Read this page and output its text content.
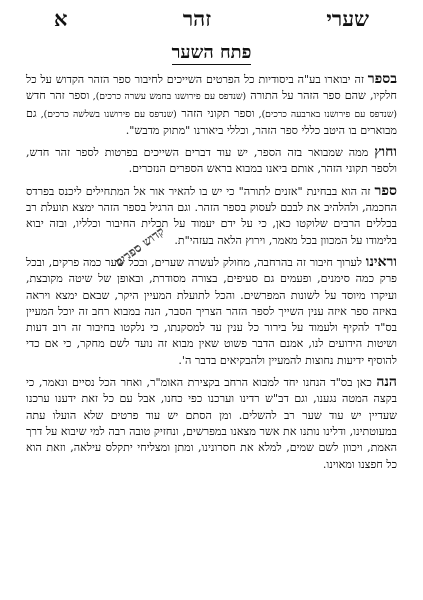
שערי
זהר
א
פתח השער

בספר זה יבוארו בע"ה ביסודיות כל הפרטים השייכים לחיבור ספר הזהר הקדוש על כל חלקיו, שהם ספר הזהר על התורה (שנדפס עם פירושנו בחמש עשרה כרכים), וספר זהר חדש (שנדפס עם פירושנו בארבעה כרכים), וספר תקוני הזהר (שנדפס עם פירושנו בשלשה כרכים), גם מבוארים בו היטב כללי ספר הזהר, וכללי ביאורנו "מתוק מדבש".

וחוץ ממה שמבואר בזה הספר, יש עוד דברים השייכים בפרטות לספר זהר חדש, ולספר תקוני הזהר, אותם ביאנו במבוא בראש הספרים הנזכרים.

ספר זה הוא בבחינת "אזנים לתורה" כי יש בו להאיר אור אל המתחילים ליכנס בפרדס החכמה, ולהלהיב את לבבם לעסוק בספר הזהר. וגם הרגיל בספר הזהר ימצא תועלת רב בכללים הרבים שלוקטו כאן, כי על ידם יעמוד על תכלית החיבור וכלליו, ובזה יבוא בלימודו על המכוון בכל מאמר, וירוץ הלאה בעזהי"ת.

וראינו לערוך חיבור זה בהרחבה, מחולק לעשרה שערים, ובכל שער כמה פרקים, ובכל פרק כמה סימנים, ופעמים גם סעיפים, בצורה מסודרת, ובאופן של שיטה מקובצת, ועיקרו מיוסד על לשונות המפרשים. והכל לתועלת המעיין היקר, שבאם ימצא ויראה באיזה ספר איזה ענין השייך לספר הזהר הצריך הסבר, הנה במבוא רחב זה יוכל המעיין בס"ד להקיף ולעמוד על בירור כל ענין עד למסקנתו, כי נלקטו בחיבור זה רוב דעות ושיטות הידועים לנו, אמנם הדבר פשוט שאין מבוא זה נועד לשם מחקר, כי אם כדי להוסיף ידיעות נחוצות להמעיין ולהבקיאים בדבר ה'.

הנה כאן בס"ד הנחנו יחד למבוא הרחב בקצירת האומ"ר, ואחר הכל נסיים ונאמר, כי בקצה המטה נגענו, וגם דב"ש רדינו וערכנו כפי כחנו, אבל עם כל זאת ידענו ערכנו שעדיין יש עוד שער רב להשלים. ומן הסתם יש עוד פרטים שלא הועלו עתה במעוטתינו, ודלינו נותנו את אשר מצאנו במפרשים, ונחזיק טובה רבה למי שיבוא על דרך האמת, ויכוון לשם שמים, למלא את חסרונינו, ומתן ומצליחי יתקלס עילאה, וזאת הוא כל חפצנו ומאוינו.

קדוש ספרים
